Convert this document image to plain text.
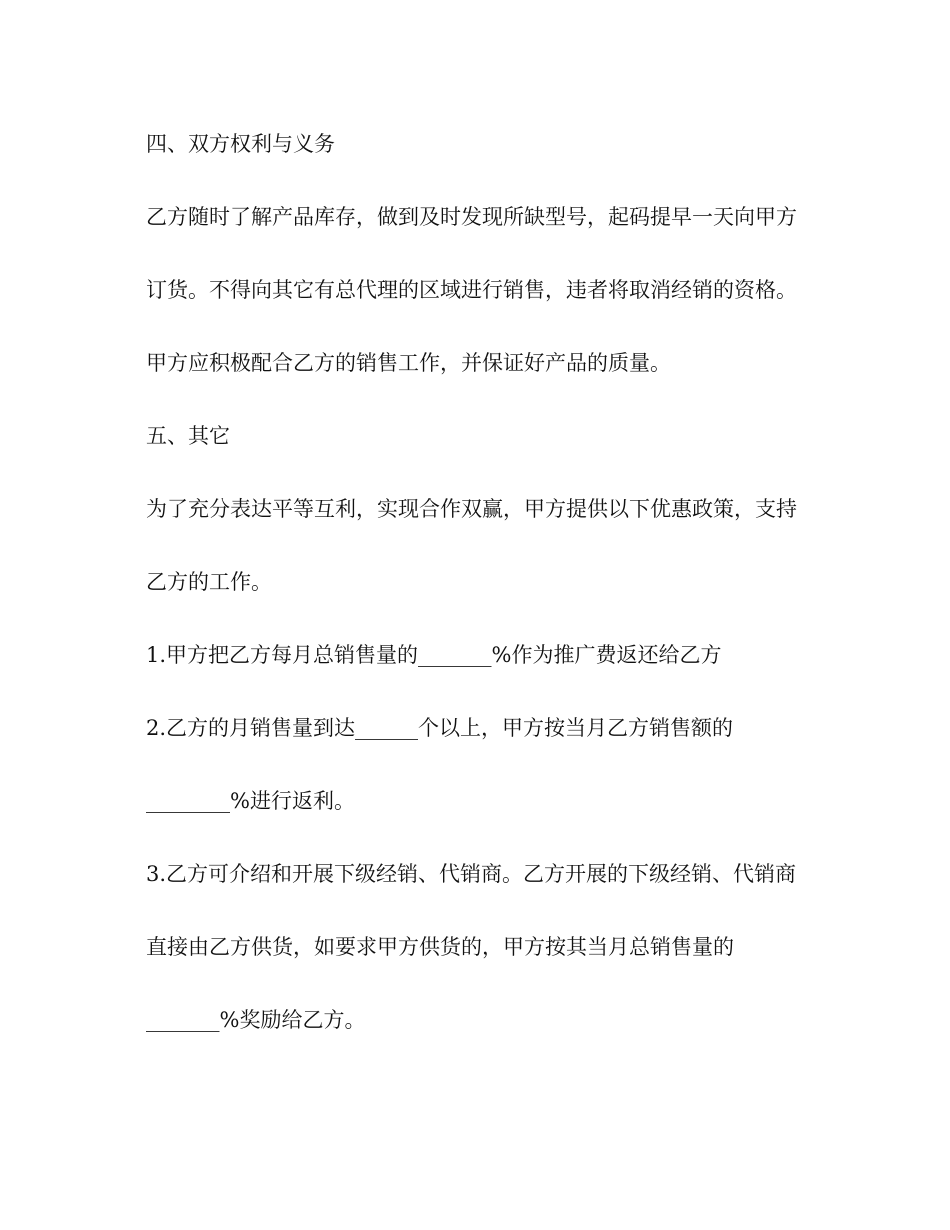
四、双方权利与义务

乙方随时了解产品库存，做到及时发现所缺型号，起码提早一天向甲方订货。不得向其它有总代理的区域进行销售，违者将取消经销的资格。

甲方应积极配合乙方的销售工作，并保证好产品的质量。

五、其它

为了充分表达平等互利，实现合作双赢，甲方提供以下优惠政策，支持乙方的工作。

1.甲方把乙方每月总销售量的_______%作为推广费返还给乙方

2.乙方的月销售量到达______个以上，甲方按当月乙方销售额的________%进行返利。

3.乙方可介绍和开展下级经销、代销商。乙方开展的下级经销、代销商直接由乙方供货，如要求甲方供货的，甲方按其当月总销售量的_______%奖励给乙方。
